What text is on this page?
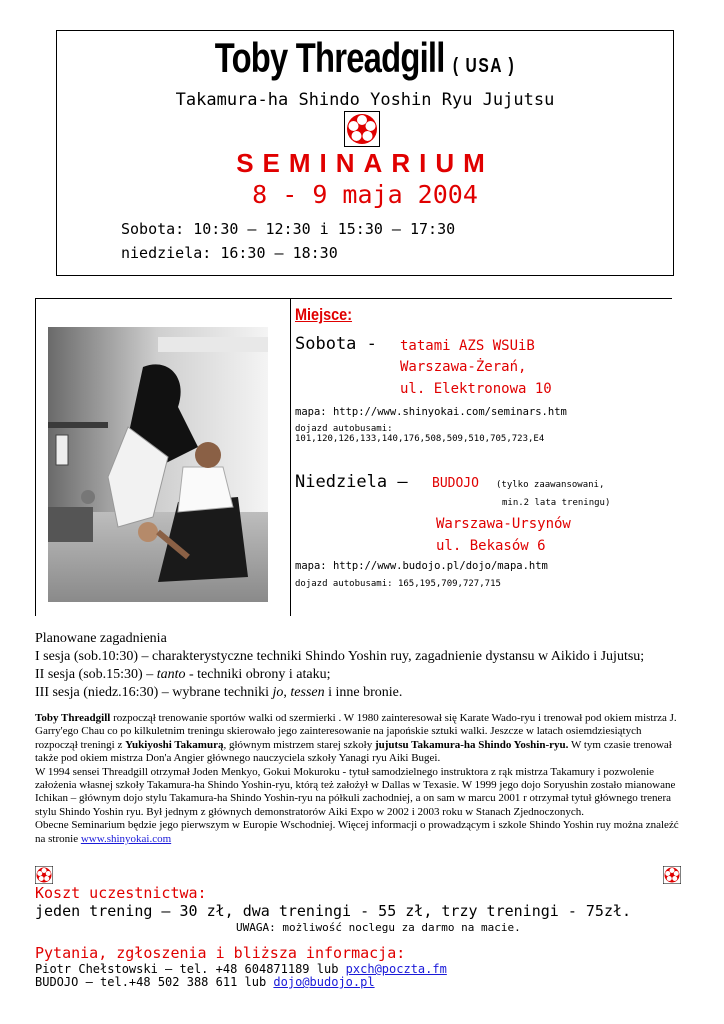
Toby Threadgill ( USA )
Takamura-ha Shindo Yoshin Ryu Jujutsu
SEMINARIUM
8 - 9 maja 2004
Sobota: 10:30 – 12:30 i 15:30 – 17:30
niedziela: 16:30 – 18:30
Miejsce:
Sobota - tatami AZS WSUiB
Warszawa-Żerań,
ul. Elektronowa 10
mapa: http://www.shinyokai.com/seminars.htm
dojazd autobusami:
101,120,126,133,140,176,508,509,510,705,723,E4
Niedziela – BUDOJO (tylko zaawansowani,
min.2 lata treningu)
Warszawa-Ursynów
ul. Bekasów 6
mapa: http://www.budojo.pl/dojo/mapa.htm
dojazd autobusami: 165,195,709,727,715
Planowane zagadnienia
I sesja (sob.10:30) – charakterystyczne techniki Shindo Yoshin ruy, zagadnienie dystansu w Aikido i Jujutsu;
II sesja (sob.15:30) – tanto - techniki obrony i ataku;
III sesja (niedz.16:30) – wybrane techniki jo, tessen i inne bronie.

Toby Threadgill rozpoczął trenowanie sportów walki od szermierki . W 1980 zainteresował się Karate Wado-ryu i trenował pod okiem mistrza J. Garry'ego Chau co po kilkuletnim treningu skierowało jego zainteresowanie na japońskie sztuki walki. Jeszcze w latach osiemdziesiątych rozpoczął treningi z Yukiyoshi Takamurą, głównym mistrzem starej szkoły jujutsu Takamura-ha Shindo Yoshin-ryu. W tym czasie trenował także pod okiem mistrza Don'a Angier głównego nauczyciela szkoły Yanagi ryu Aiki Bugei.

W 1994 sensei Threadgill otrzymał Joden Menkyo, Gokui Mokuroku - tytuł samodzielnego instruktora z rąk mistrza Takamury i pozwolenie założenia własnej szkoły Takamura-ha Shindo Yoshin-ryu, którą też założył w Dallas w Texasie. W 1999 jego dojo Soryushin zostało mianowane Ichikan – głównym dojo stylu Takamura-ha Shindo Yoshin-ryu na półkuli zachodniej, a on sam w marcu 2001 r otrzymał tytuł głównego trenera stylu Shindo Yoshin ryu. Był jednym z głównych demonstratorów Aiki Expo w 2002 i 2003 roku w Stanach Zjednoczonych.

Obecne Seminarium będzie jego pierwszym w Europie Wschodniej. Więcej informacji o prowadzącym i szkole Shindo Yoshin ruy można znaleźć na stronie www.shinyokai.com

Koszt uczestnictwa:
jeden trening – 30 zł, dwa treningi - 55 zł, trzy treningi - 75zł.
UWAGA: możliwość noclegu za darmo na macie.
Pytania, zgłoszenia i bliższa informacja:
Piotr Chełstowski – tel. +48 604871189 lub pxch@poczta.fm
BUDOJO – tel.+48 502 388 611 lub dojo@budojo.pl
